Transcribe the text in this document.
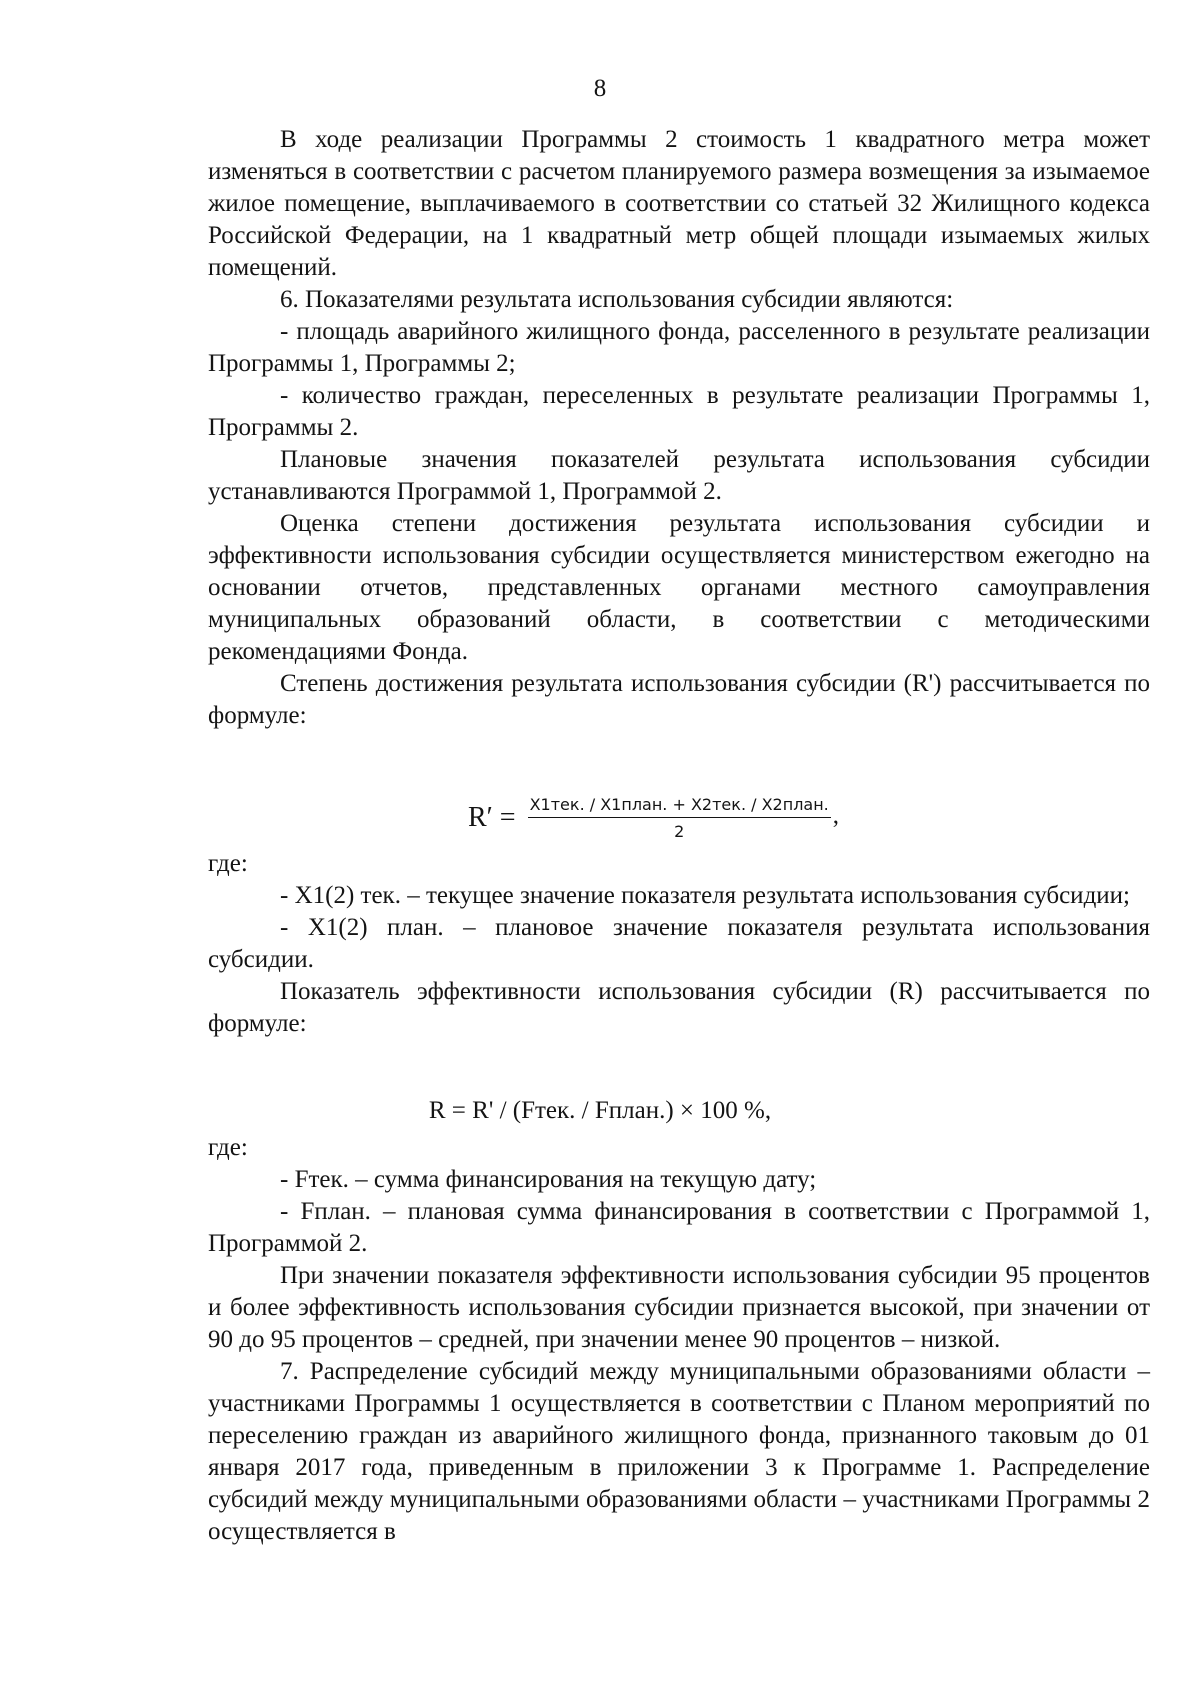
8

В ходе реализации Программы 2 стоимость 1 квадратного метра может изменяться в соответствии с расчетом планируемого размера возмещения за изымаемое жилое помещение, выплачиваемого в соответствии со статьей 32 Жилищного кодекса Российской Федерации, на 1 квадратный метр общей площади изымаемых жилых помещений.

6. Показателями результата использования субсидии являются:

- площадь аварийного жилищного фонда, расселенного в результате реализации Программы 1, Программы 2;

- количество граждан, переселенных в результате реализации Программы 1, Программы 2.

Плановые значения показателей результата использования субсидии устанавливаются Программой 1, Программой 2.

Оценка степени достижения результата использования субсидии и эффективности использования субсидии осуществляется министерством ежегодно на основании отчетов, представленных органами местного самоуправления муниципальных образований области, в соответствии с методическими рекомендациями Фонда.

Степень достижения результата использования субсидии (R') рассчитывается по формуле:

$R' = \frac{\text{X1тек. / X1план. + X2тек. / X2план.}}{2}$ ,

где:

- X1(2) тек. – текущее значение показателя результата использования субсидии;

- X1(2) план. – плановое значение показателя результата использования субсидии.

Показатель эффективности использования субсидии (R) рассчитывается по формуле:

R = R' / (Fтек. / Fплан.) × 100 %,

где:

- Fтек. – сумма финансирования на текущую дату;

- Fплан. – плановая сумма финансирования в соответствии с Программой 1, Программой 2.

При значении показателя эффективности использования субсидии 95 процентов и более эффективность использования субсидии признается высокой, при значении от 90 до 95 процентов – средней, при значении менее 90 процентов – низкой.

7. Распределение субсидий между муниципальными образованиями области – участниками Программы 1 осуществляется в соответствии с Планом мероприятий по переселению граждан из аварийного жилищного фонда, признанного таковым до 01 января 2017 года, приведенным в приложении 3 к Программе 1. Распределение субсидий между муниципальными образованиями области – участниками Программы 2 осуществляется в
